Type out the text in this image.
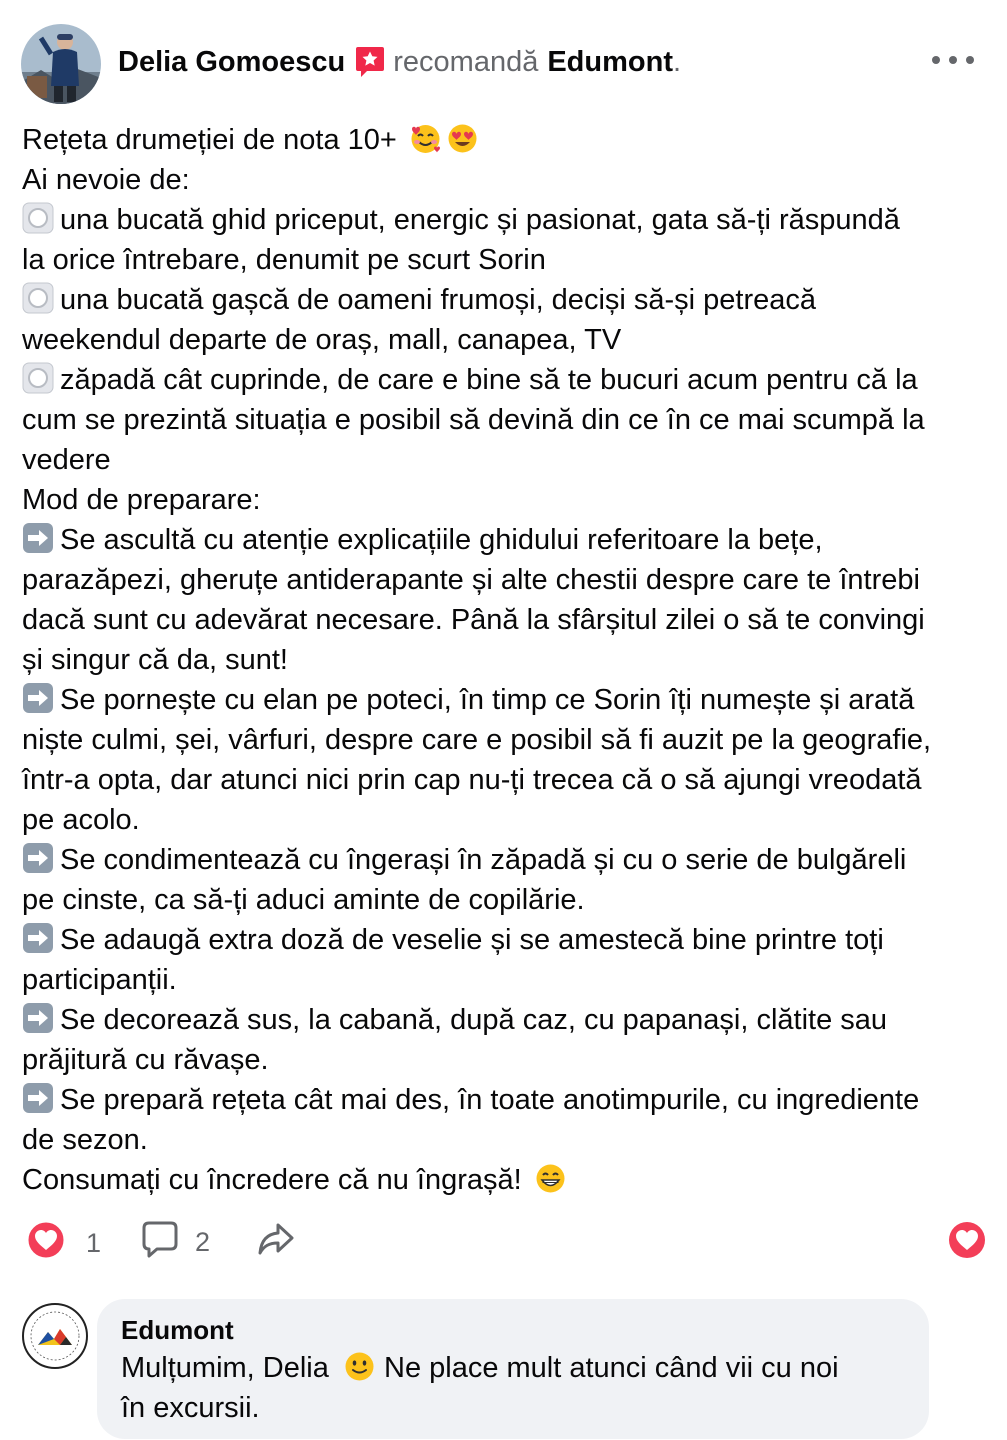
Delia Gomoescu recomandă Edumont .
Rețeta drumeției de nota 10+
Ai nevoie de:
una bucată ghid priceput, energic și pasionat, gata să-ți răspundă
la orice întrebare, denumit pe scurt Sorin
una bucată gașcă de oameni frumoși, deciși să-și petreacă
weekendul departe de oraș, mall, canapea, TV
zăpadă cât cuprinde, de care e bine să te bucuri acum pentru că la
cum se prezintă situația e posibil să devină din ce în ce mai scumpă la
vedere
Mod de preparare:
Se ascultă cu atenție explicațiile ghidului referitoare la bețe,
parazăpezi, gheruțe antiderapante și alte chestii despre care te întrebi
dacă sunt cu adevărat necesare. Până la sfârșitul zilei o să te convingi
și singur că da, sunt!
Se pornește cu elan pe poteci, în timp ce Sorin îți numește și arată
niște culmi, șei, vârfuri, despre care e posibil să fi auzit pe la geografie,
într-a opta, dar atunci nici prin cap nu-ți trecea că o să ajungi vreodată
pe acolo.
Se condimentează cu îngerași în zăpadă și cu o serie de bulgăreli
pe cinste, ca să-ți aduci aminte de copilărie.
Se adaugă extra doză de veselie și se amestecă bine printre toți
participanții.
Se decorează sus, la cabană, după caz, cu papanași, clătite sau
prăjitură cu răvașe.
Se prepară rețeta cât mai des, în toate anotimpurile, cu ingrediente
de sezon.
Consumați cu încredere că nu îngrașă!
1	2
Edumont
Mulțumim, Delia  Ne place mult atunci când vii cu noi
în excursii.
